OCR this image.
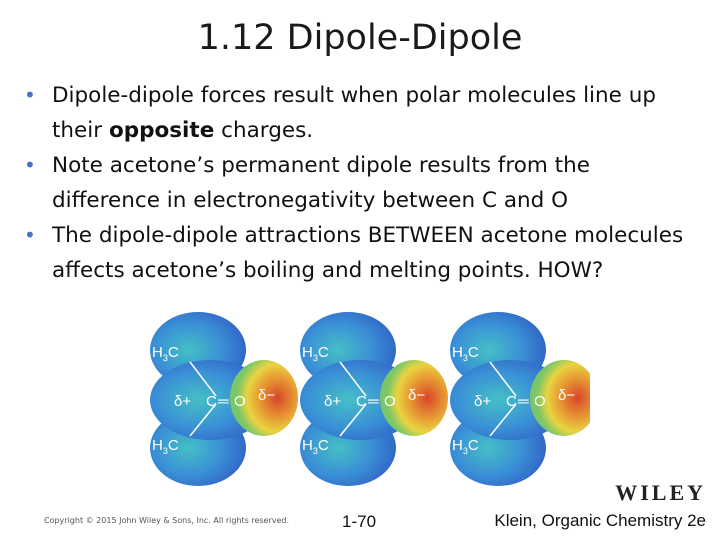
1.12 Dipole-Dipole
• Dipole-dipole forces result when polar molecules line up their opposite charges.
• Note acetone’s permanent dipole results from the difference in electronegativity between C and O
• The dipole-dipole attractions BETWEEN acetone molecules affects acetone’s boiling and melting points. HOW?
$H_3C$
$H_3C$
δ+ C ═ O δ−
$H_3C$
$H_3C$
δ+ C ═ O δ−
$H_3C$
$H_3C$
δ+ C ═ O δ−
WILEY
Copyright © 2015 John Wiley & Sons, Inc. All rights reserved.	1-70	Klein, Organic Chemistry 2e
